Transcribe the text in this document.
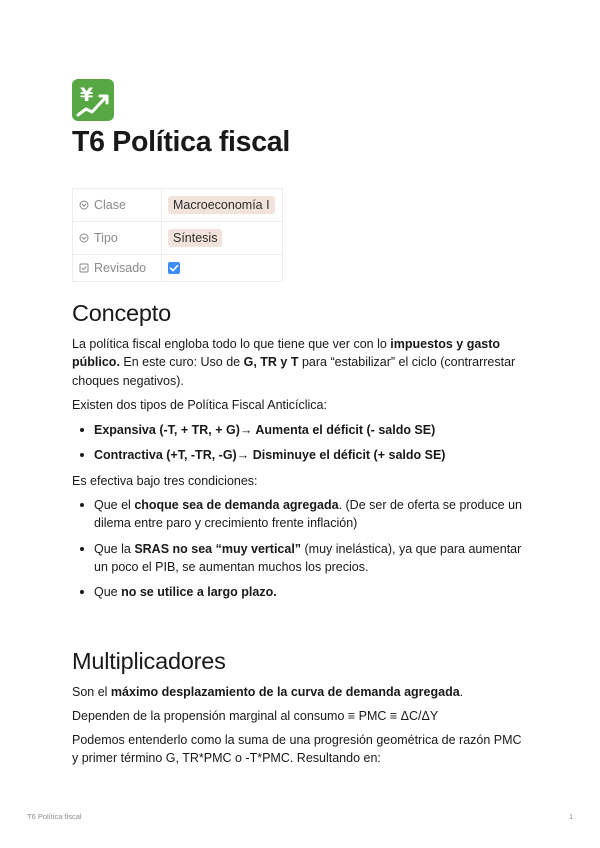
¥
T6 Política fiscal
Clase	Macroeconomía I
Tipo	Síntesis
Revisado	
Concepto

La política fiscal engloba todo lo que tiene que ver con lo impuestos y gasto público. En este curo: Uso de G, TR y T para “estabilizar” el ciclo (contrarrestar choques negativos).

Existen dos tipos de Política Fiscal Anticíclica:

Expansiva (-T, + TR, + G)→ Aumenta el déficit (- saldo SE)
Contractiva (+T, -TR, -G)→ Disminuye el déficit (+ saldo SE)

Es efectiva bajo tres condiciones:

Que el choque sea de demanda agregada. (De ser de oferta se produce un dilema entre paro y crecimiento frente inflación)
Que la SRAS no sea “muy vertical” (muy inelástica), ya que para aumentar un poco el PIB, se aumentan muchos los precios.
Que no se utilice a largo plazo.
Multiplicadores

Son el máximo desplazamiento de la curva de demanda agregada.

Dependen de la propensión marginal al consumo ≡ PMC ≡ ΔC/ΔY

Podemos entenderlo como la suma de una progresión geométrica de razón PMC y primer término G, TR*PMC o -T*PMC. Resultando en:

T6 Política fiscal	1
